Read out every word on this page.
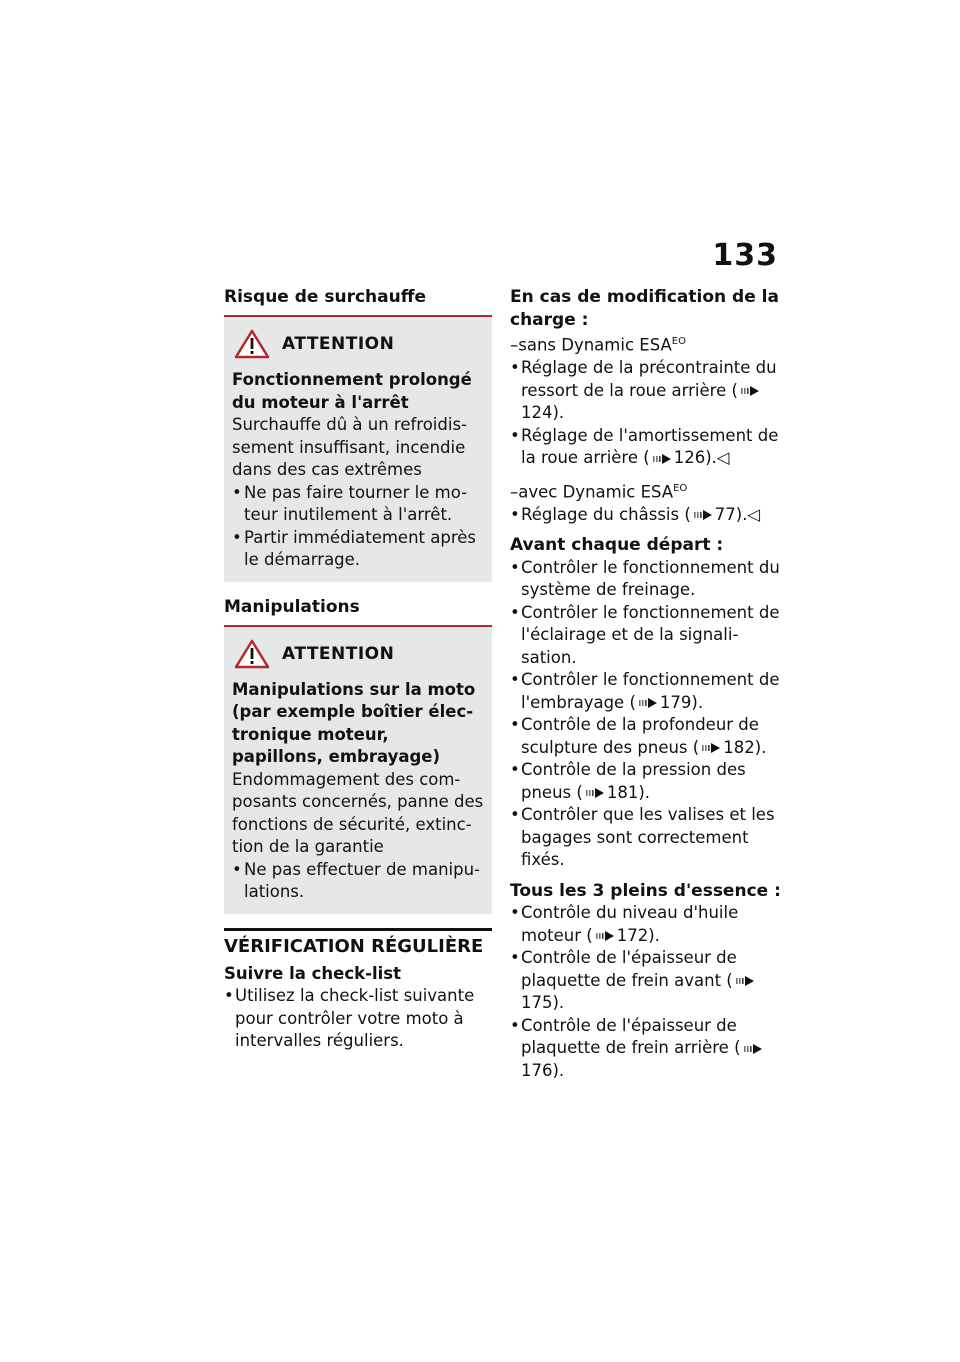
133
Risque de surchauffe
ATTENTION
Fonctionnement prolongé du moteur à l'arrêt
Surchauffe dû à un refroidis-sement insuffisant, incendie dans des cas extrêmes
• Ne pas faire tourner le mo-teur inutilement à l'arrêt.
• Partir immédiatement après le démarrage.
Manipulations
ATTENTION
Manipulations sur la moto (par exemple boîtier élec-tronique moteur, papillons, embrayage)
Endommagement des com-posants concernés, panne des fonctions de sécurité, extinc-tion de la garantie
• Ne pas effectuer de manipu-lations.
VÉRIFICATION RÉGULIÈRE
Suivre la check-list
• Utilisez la check-list suivante pour contrôler votre moto à intervalles réguliers.
En cas de modification de la charge :
–sans Dynamic $ESA^{EO}$
• Réglage de la précontrainte du ressort de la roue arrière (124).
• Réglage de l'amortissement de la roue arrière ( 126).◁
–avec Dynamic $ESA^{EO}$
• Réglage du châssis ( 77).◁
Avant chaque départ :
• Contrôler le fonctionnement du système de freinage.
• Contrôler le fonctionnement de l'éclairage et de la signali-sation.
• Contrôler le fonctionnement de l'embrayage ( 179).
• Contrôle de la profondeur de sculpture des pneus ( 182).
• Contrôle de la pression des pneus ( 181).
• Contrôler que les valises et les bagages sont correctement fixés.
Tous les 3 pleins d'essence :
• Contrôle du niveau d'huile moteur ( 172).
• Contrôle de l'épaisseur de plaquette de frein avant (175).
• Contrôle de l'épaisseur de plaquette de frein arrière (176).
